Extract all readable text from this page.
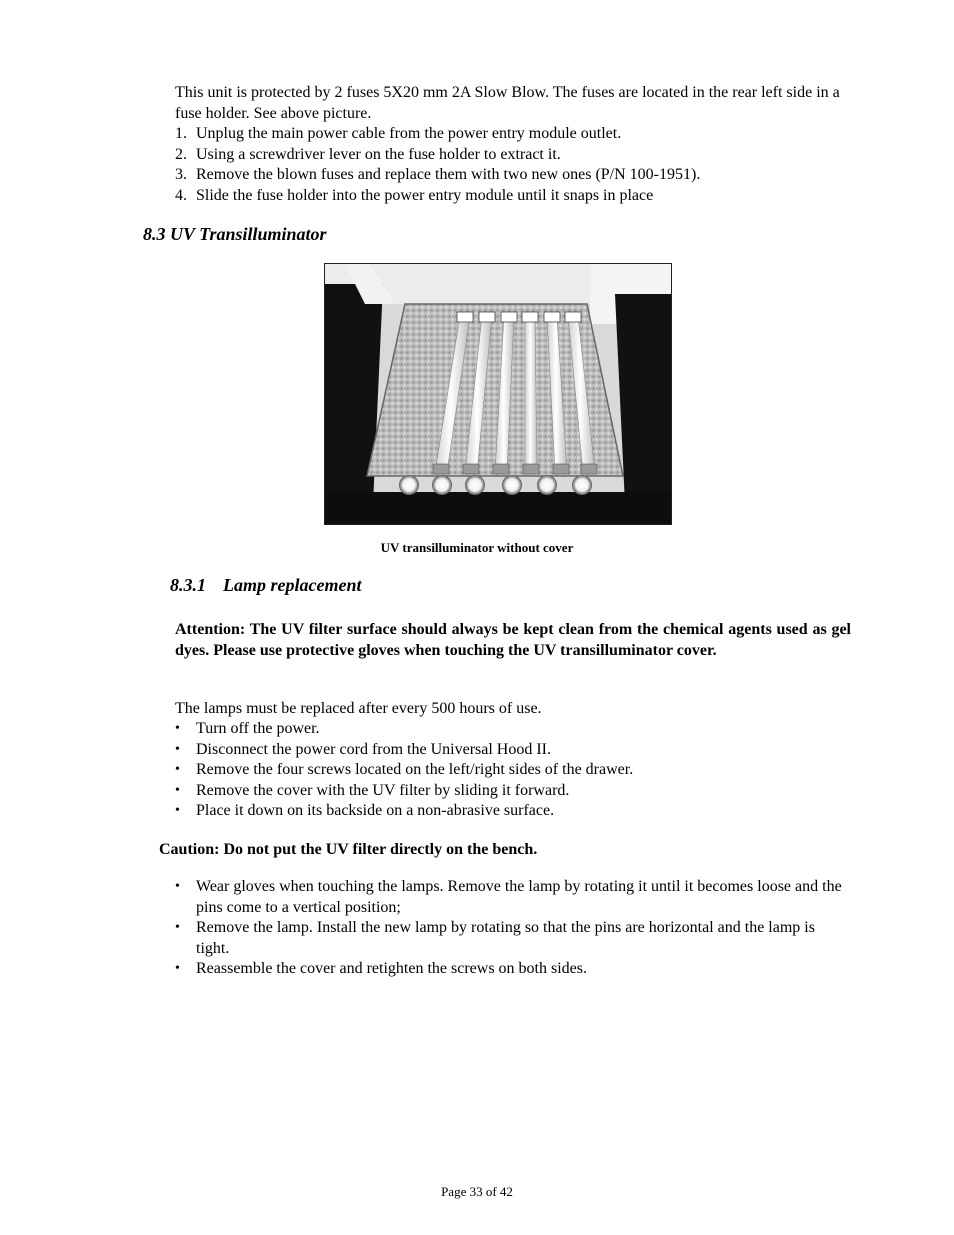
This unit is protected by 2 fuses 5X20 mm 2A Slow Blow. The fuses are located in the rear left side in a fuse holder. See above picture.

1. Unplug the main power cable from the power entry module outlet.
2. Using a screwdriver lever on the fuse holder to extract it.
3. Remove the blown fuses and replace them with two new ones (P/N 100-1951).
4. Slide the fuse holder into the power entry module until it snaps in place
8.3 UV Transilluminator

UV transilluminator without cover

8.3.1 Lamp replacement

Attention: The UV filter surface should always be kept clean from the chemical agents used as gel dyes. Please use protective gloves when touching the UV transilluminator cover.

The lamps must be replaced after every 500 hours of use.

• Turn off the power.
• Disconnect the power cord from the Universal Hood II.
• Remove the four screws located on the left/right sides of the drawer.
• Remove the cover with the UV filter by sliding it forward.
• Place it down on its backside on a non-abrasive surface.

Caution: Do not put the UV filter directly on the bench.

• Wear gloves when touching the lamps. Remove the lamp by rotating it until it becomes loose and the pins come to a vertical position;
• Remove the lamp. Install the new lamp by rotating so that the pins are horizontal and the lamp is tight.
• Reassemble the cover and retighten the screws on both sides.

Page 33 of 42
